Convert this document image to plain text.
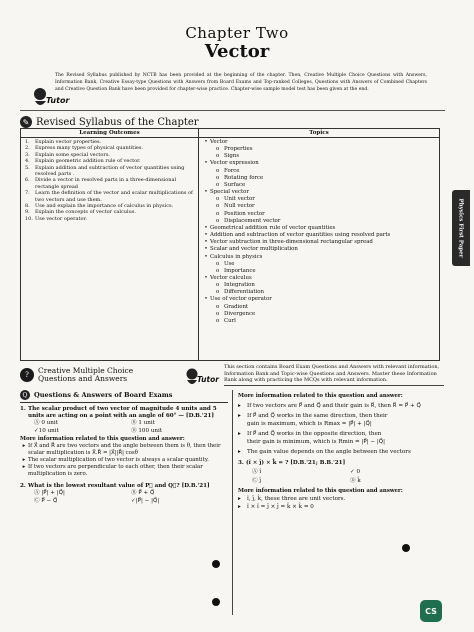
Chapter Two
Vector
Tutor
The Revised Syllabus published by NCTB has been provided at the beginning of the chapter. Then, Creative Multiple Choice Questions with Answers, Information Bank, Creative Essay-type Questions with Answers from Board Exams and Top-ranked Colleges, Questions with Answers of Combined Chapters and Creative Question Bank have been provided for chapter-wise practice. Chapter-wise sample model test has been given at the end.
✎ Revised Syllabus of the Chapter
Learning Outcomes
1.	Explain vector properties.
2.	Express many types of physical quantities.
3.	Explain some special vectors.
4.	Explain geometric addition rule of vector.
5.	Explain addition and subtraction of vector quantities using resolved parts .
6.	Divide a vector in resolved parts in a three-dimensional rectangle spread
7.	Learn the definition of the vector and scalar multiplications of two vectors and use them.
8.	Use and explain the importance of calculus in physics.
9.	Explain the concepts of vector calculus.
10. Use vector operator.
Topics
• Vector
o Properties
o Signs
• Vector expression
o Force
o Rotating force
o Surface
• Special vector
o Unit vector
o Null vector
o Position vector
o Displacement vector
• Geometrical addition rule of vector quantities
• Addition and subtraction of vector quantities using resolved parts
• Vector subtraction in three-dimensional rectangular spread
• Scalar and vector multiplication
• Calculus in physics
o Use
o Importance
• Vector calculus
o Integration
o Differentiation
• Use of vector operator
o Gradient
o Divergence
o Curl
Physics First Paper
?
Creative Multiple Choice
Questions and Answers	Tutor
This section contains Board Exam Questions and Answers with relevant information, Information Bank and Topic-wise Questions and Answers. Master these Information Bank along with practicing the MCQs with relevant information.
Q Questions & Answers of Board Exams
1. The scalar product of two vector of magnitude 4 units and 5 units are acting on a point with an angle of 60° — [D.B.'21]
Ⓐ 0 unit	Ⓑ 1 unit
✓10 unit	Ⓓ 100 unit
More information related to this question and answer:
▸ If X⃗ and R⃗ are two vectors and the angle between them is θ, then their scalar multiplication is X⃗.R⃗ = |X⃗||R⃗| cosθ
▸ The scalar multiplication of two vector is always a scalar quantity.
▸ If two vectors are perpendicular to each other, then their scalar multiplication is zero.
2. What is the lowest resultant value of P⃗ and Q⃗? [D.B.'21]
Ⓐ |P⃗| + |Q⃗|	Ⓑ P⃗ + Q⃗
Ⓒ P⃗ − Q⃗	✓|P⃗| − |Q⃗|
More information related to this question and answer:
▸	If two vectors are P⃗ and Q⃗ and their gain is R⃗, then R⃗ = P⃗ + Q⃗
▸	If P⃗ and Q⃗ works in the same direction, then their
gain is maximum, which is Rmax = |P⃗| + |Q⃗|
▸	If P⃗ and Q⃗ works in the opposite direction, then
their gain is minimum, which is Rmin = |P⃗| − |Q⃗|
▸	The gain value depends on the angle between the vectors
3. (î × ĵ) × k̂ = ? [D.B.'21; B.B.'21]
Ⓐ î	✓ 0
Ⓒ ĵ	Ⓓ k̂
More information related to this question and answer:
▸	î, ĵ, k̂, these three are unit vectors.
▸	î × î = ĵ × ĵ = k̂ × k̂ = 0
CS
